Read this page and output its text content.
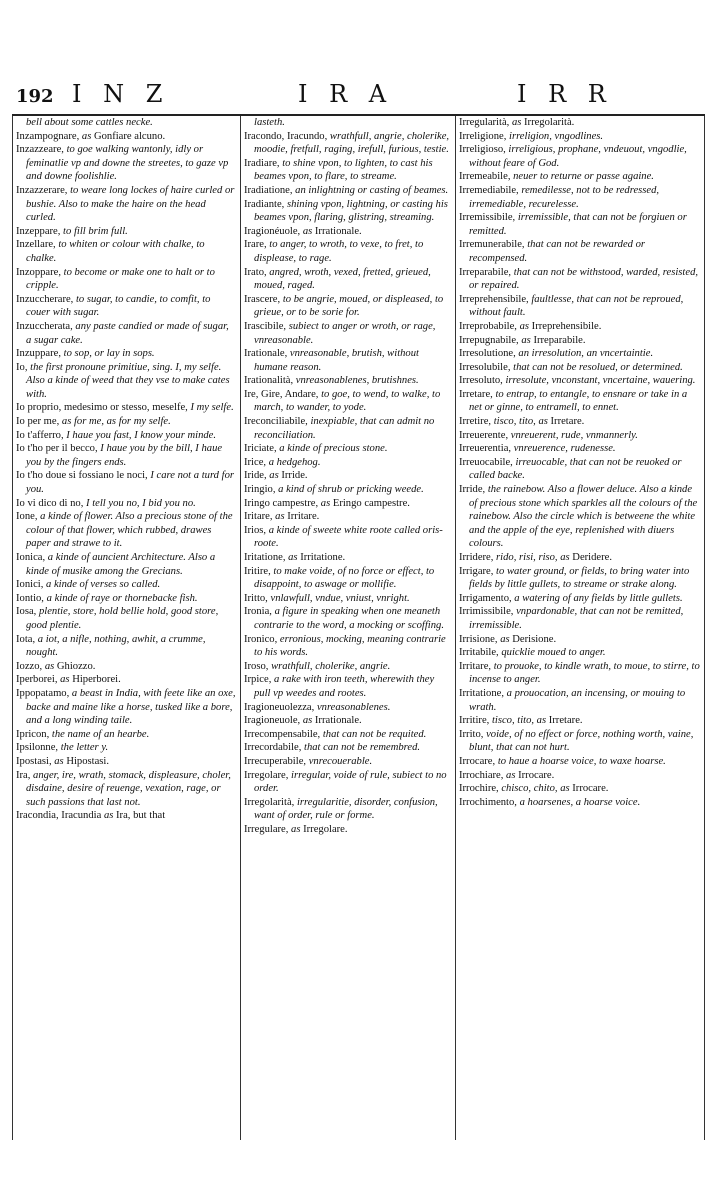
192 I N Z	I R A	I R R

bell about some cattles necke.

Inzampognare, as Gonfiare alcuno.

Inzazzeare, to goe walking wantonly, idly or feminatlie vp and downe the streetes, to gaze vp and downe foolishlie.

Inzazzerare, to weare long lockes of haire curled or bushie. Also to make the haire on the head curled.

Inzeppare, to fill brim full.

Inzellare, to whiten or colour with chalke, to chalke.

Inzoppare, to become or make one to halt or to cripple.

Inzuccherare, to sugar, to candie, to comfit, to couer with sugar.

Inzuccherata, any paste candied or made of sugar, a sugar cake.

Inzuppare, to sop, or lay in sops.

Io, the first pronoune primitiue, sing. I, my selfe. Also a kinde of weed that they vse to make cates with.

Io proprio, medesimo or stesso, meselfe, I my selfe.

Io per me, as for me, as for my selfe.

Io t'afferro, I haue you fast, I know your minde.

Io t'ho per il becco, I haue you by the bill, I haue you by the fingers ends.

Io t'ho doue si fossiano le noci, I care not a turd for you.

Io vi dico di no, I tell you no, I bid you no.

Ione, a kinde of flower. Also a precious stone of the colour of that flower, which rubbed, drawes paper and strawe to it.

Ionica, a kinde of auncient Architecture. Also a kinde of musike among the Grecians.

Ionici, a kinde of verses so called.

Iontio, a kinde of raye or thornebacke fish.

Iosa, plentie, store, hold bellie hold, good store, good plentie.

Iota, a iot, a nifle, nothing, awhit, a crumme, nought.

Iozzo, as Ghiozzo.

Iperborei, as Hiperborei.

Ippopatamo, a beast in India, with feete like an oxe, backe and maine like a horse, tusked like a bore, and a long winding taile.

Ipricon, the name of an hearbe.

Ipsilonne, the letter y.

Ipostasi, as Hipostasi.

Ira, anger, ire, wrath, stomack, displeasure, choler, disdaine, desire of reuenge, vexation, rage, or such passions that last not.

Iracondia, Iracundia as Ira, but that

lasteth.

Iracondo, Iracundo, wrathfull, angrie, cholerike, moodie, fretfull, raging, irefull, furious, testie.

Iradiare, to shine vpon, to lighten, to cast his beames vpon, to flare, to streame.

Iradiatione, an inlightning or casting of beames.

Iradiante, shining vpon, lightning, or casting his beames vpon, flaring, glistring, streaming.

Iragionéuole, as Irrationale.

Irare, to anger, to wroth, to vexe, to fret, to displease, to rage.

Irato, angred, wroth, vexed, fretted, grieued, moued, raged.

Irascere, to be angrie, moued, or displeased, to grieue, or to be sorie for.

Irascibile, subiect to anger or wroth, or rage, vnreasonable.

Irationale, vnreasonable, brutish, without humane reason.

Irationalità, vnreasonablenes, brutishnes.

Ire, Gire, Andare, to goe, to wend, to walke, to march, to wander, to yode.

Ireconciliabile, inexpiable, that can admit no reconciliation.

Iriciate, a kinde of precious stone.

Irice, a hedgehog.

Iride, as Irride.

Iringio, a kind of shrub or pricking weede.

Iringo campestre, as Eringo campestre.

Iritare, as Irritare.

Irios, a kinde of sweete white roote called oris-roote.

Iritatione, as Irritatione.

Iritire, to make voide, of no force or effect, to disappoint, to aswage or mollifie.

Iritto, vnlawfull, vndue, vniust, vnright.

Ironia, a figure in speaking when one meaneth contrarie to the word, a mocking or scoffing.

Ironico, erronious, mocking, meaning contrarie to his words.

Iroso, wrathfull, cholerike, angrie.

Irpice, a rake with iron teeth, wherewith they pull vp weedes and rootes.

Iragioneuolezza, vnreasonablenes.

Iragioneuole, as Irrationale.

Irrecompensabile, that can not be requited.

Irrecordabile, that can not be remembred.

Irrecuperabile, vnrecouerable.

Irregolare, irregular, voide of rule, subiect to no order.

Irregolarità, irregularitie, disorder, confusion, want of order, rule or forme.

Irregulare, as Irregolare.

Irregularità, as Irregolarità.

Irreligione, irreligion, vngodlines.

Irreligioso, irreligious, prophane, vndeuout, vngodlie, without feare of God.

Irremeabile, neuer to returne or passe againe.

Irremediabile, remedilesse, not to be redressed, irremediable, recurelesse.

Irremissibile, irremissible, that can not be forgiuen or remitted.

Irremunerabile, that can not be rewarded or recompensed.

Irreparabile, that can not be withstood, warded, resisted, or repaired.

Irreprehensibile, faultlesse, that can not be reproued, without fault.

Irreprobabile, as Irreprehensibile.

Irrepugnabile, as Irreparabile.

Irresolutione, an irresolution, an vncertaintie.

Irresolubile, that can not be resolued, or determined.

Irresoluto, irresolute, vnconstant, vncertaine, wauering.

Irretare, to entrap, to entangle, to ensnare or take in a net or ginne, to entramell, to ennet.

Irretire, tisco, tito, as Irretare.

Irreuerente, vnreuerent, rude, vnmannerly.

Irreuerentia, vnreuerence, rudenesse.

Irreuocabile, irreuocable, that can not be reuoked or called backe.

Irride, the rainebow. Also a flower deluce. Also a kinde of precious stone which sparkles all the colours of the rainebow. Also the circle which is betweene the white and the apple of the eye, replenished with diuers colours.

Irridere, rido, risi, riso, as Deridere.

Irrigare, to water ground, or fields, to bring water into fields by little gullets, to streame or strake along.

Irrigamento, a watering of any fields by little gullets.

Irrimissibile, vnpardonable, that can not be remitted, irremissible.

Irrisione, as Derisione.

Irritabile, quicklie moued to anger.

Irritare, to prouoke, to kindle wrath, to moue, to stirre, to incense to anger.

Irritatione, a prouocation, an incensing, or mouing to wrath.

Irritire, tisco, tito, as Irretare.

Irrito, voide, of no effect or force, nothing worth, vaine, blunt, that can not hurt.

Irrocare, to haue a hoarse voice, to waxe hoarse.

Irrochiare, as Irrocare.

Irrochire, chisco, chito, as Irrocare.

Irrochimento, a hoarsenes, a hoarse voice.
